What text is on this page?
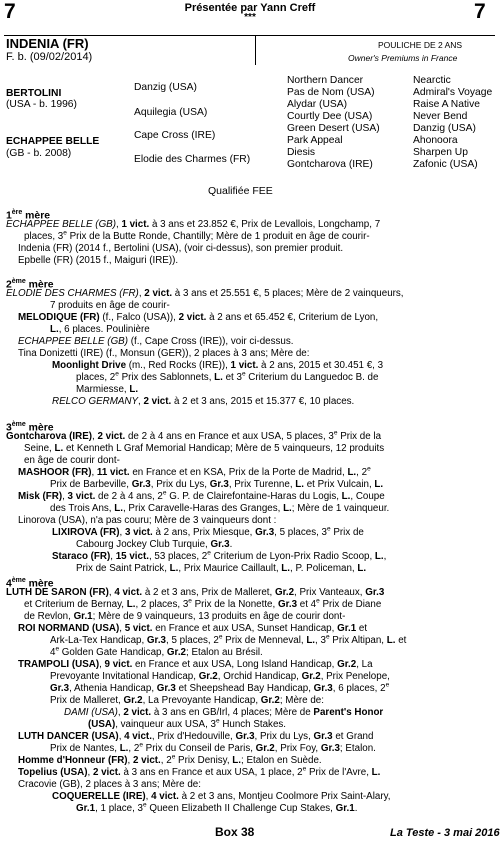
7	Présentée par Yann Creff
***	7
INDENIA (FR)
F. b. (09/02/2014)
POULICHE DE 2 ANS
Owner's Premiums in France
BERTOLINI
(USA - b. 1996)
ECHAPPEE BELLE
(GB - b. 2008)
Danzig (USA)
Aquilegia (USA)
Cape Cross (IRE)
Elodie des Charmes (FR)
Northern Dancer
Pas de Nom (USA)
Alydar (USA)
Courtly Dee (USA)
Green Desert (USA)
Park Appeal
Diesis
Gontcharova (IRE)
Nearctic
Admiral's Voyage
Raise A Native
Never Bend
Danzig (USA)
Ahonoora
Sharpen Up
Zafonic (USA)
Qualifiée FEE
1ère mère
ECHAPPEE BELLE (GB), 1 vict. à 3 ans et 23.852 €, Prix de Levallois, Longchamp, 7
places, 3e Prix de la Butte Ronde, Chantilly; Mère de 1 produit en âge de courir-
Indenia (FR) (2014 f., Bertolini (USA), (voir ci-dessus), son premier produit.
Epbelle (FR) (2015 f., Maiguri (IRE)).
2ème mère
ELODIE DES CHARMES (FR), 2 vict. à 3 ans et 25.551 €, 5 places; Mère de 2 vainqueurs,
7 produits en âge de courir-
MELODIQUE (FR) (f., Falco (USA)), 2 vict. à 2 ans et 65.452 €, Criterium de Lyon,
L., 6 places. Poulinière
ECHAPPEE BELLE (GB) (f., Cape Cross (IRE)), voir ci-dessus.
Tina Donizetti (IRE) (f., Monsun (GER)), 2 places à 3 ans; Mère de:
Moonlight Drive (m., Red Rocks (IRE)), 1 vict. à 2 ans, 2015 et 30.451 €, 3
places, 2e Prix des Sablonnets, L. et 3e Criterium du Languedoc B. de
Marmiesse, L.
RELCO GERMANY, 2 vict. à 2 et 3 ans, 2015 et 15.377 €, 10 places.
3ème mère
Gontcharova (IRE), 2 vict. de 2 à 4 ans en France et aux USA, 5 places, 3e Prix de la
Seine, L. et Kenneth L Graf Memorial Handicap; Mère de 5 vainqueurs, 12 produits
en âge de courir dont-
MASHOOR (FR), 11 vict. en France et en KSA, Prix de la Porte de Madrid, L., 2e
Prix de Barbeville, Gr.3, Prix du Lys, Gr.3, Prix Turenne, L. et Prix Vulcain, L.
Misk (FR), 3 vict. de 2 à 4 ans, 2e G. P. de Clairefontaine-Haras du Logis, L., Coupe
des Trois Ans, L., Prix Caravelle-Haras des Granges, L.; Mère de 1 vainqueur.
Linorova (USA), n'a pas couru; Mère de 3 vainqueurs dont :
LIXIROVA (FR), 3 vict. à 2 ans, Prix Miesque, Gr.3, 5 places, 3e Prix de
Cabourg Jockey Club Turquie, Gr.3.
Staraco (FR), 15 vict., 53 places, 2e Criterium de Lyon-Prix Radio Scoop, L.,
Prix de Saint Patrick, L., Prix Maurice Caillault, L., P. Policeman, L.
4ème mère
LUTH DE SARON (FR), 4 vict. à 2 et 3 ans, Prix de Malleret, Gr.2, Prix Vanteaux, Gr.3
et Criterium de Bernay, L., 2 places, 3e Prix de la Nonette, Gr.3 et 4e Prix de Diane
de Revlon, Gr.1; Mère de 9 vainqueurs, 13 produits en âge de courir dont-
ROI NORMAND (USA), 5 vict. en France et aux USA, Sunset Handicap, Gr.1 et
Ark-La-Tex Handicap, Gr.3, 5 places, 2e Prix de Menneval, L., 3e Prix Altipan, L. et
4e Golden Gate Handicap, Gr.2; Etalon au Brésil.
TRAMPOLI (USA), 9 vict. en France et aux USA, Long Island Handicap, Gr.2, La
Prevoyante Invitational Handicap, Gr.2, Orchid Handicap, Gr.2, Prix Penelope,
Gr.3, Athenia Handicap, Gr.3 et Sheepshead Bay Handicap, Gr.3, 6 places, 2e
Prix de Malleret, Gr.2, La Prevoyante Handicap, Gr.2; Mère de:
DAMI (USA), 2 vict. à 3 ans en GB/Irl, 4 places; Mère de Parent's Honor
(USA), vainqueur aux USA, 3e Hunch Stakes.
LUTH DANCER (USA), 4 vict., Prix d'Hedouville, Gr.3, Prix du Lys, Gr.3 et Grand
Prix de Nantes, L., 2e Prix du Conseil de Paris, Gr.2, Prix Foy, Gr.3; Etalon.
Homme d'Honneur (FR), 2 vict., 2e Prix Denisy, L.; Etalon en Suède.
Topelius (USA), 2 vict. à 3 ans en France et aux USA, 1 place, 2e Prix de l'Avre, L.
Cracovie (GB), 2 places à 3 ans; Mère de:
COQUERELLE (IRE), 4 vict. à 2 et 3 ans, Montjeu Coolmore Prix Saint-Alary,
Gr.1, 1 place, 3e Queen Elizabeth II Challenge Cup Stakes, Gr.1.
Box 38	La Teste - 3 mai 2016
